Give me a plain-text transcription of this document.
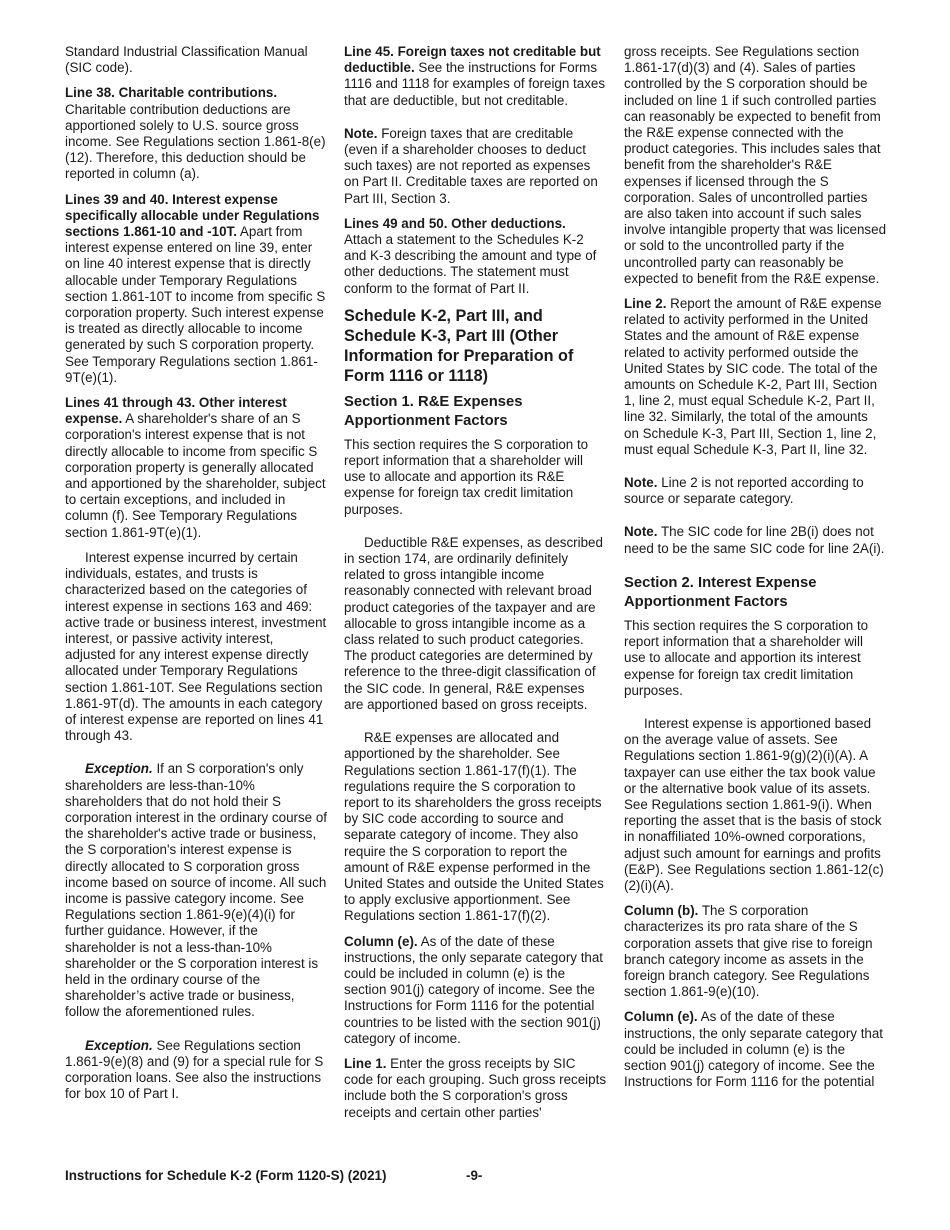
Standard Industrial Classification Manual (SIC code).

Line 38. Charitable contributions. Charitable contribution deductions are apportioned solely to U.S. source gross income. See Regulations section 1.861-8(e)(12). Therefore, this deduction should be reported in column (a).

Lines 39 and 40. Interest expense specifically allocable under Regulations sections 1.861-10 and -10T. Apart from interest expense entered on line 39, enter on line 40 interest expense that is directly allocable under Temporary Regulations section 1.861-10T to income from specific S corporation property. Such interest expense is treated as directly allocable to income generated by such S corporation property. See Temporary Regulations section 1.861-9T(e)(1).

Lines 41 through 43. Other interest expense. A shareholder's share of an S corporation's interest expense that is not directly allocable to income from specific S corporation property is generally allocated and apportioned by the shareholder, subject to certain exceptions, and included in column (f). See Temporary Regulations section 1.861-9T(e)(1).

Interest expense incurred by certain individuals, estates, and trusts is characterized based on the categories of interest expense in sections 163 and 469: active trade or business interest, investment interest, or passive activity interest, adjusted for any interest expense directly allocated under Temporary Regulations section 1.861-10T. See Regulations section 1.861-9T(d). The amounts in each category of interest expense are reported on lines 41 through 43.

Exception. If an S corporation's only shareholders are less-than-10% shareholders that do not hold their S corporation interest in the ordinary course of the shareholder's active trade or business, the S corporation's interest expense is directly allocated to S corporation gross income based on source of income. All such income is passive category income. See Regulations section 1.861-9(e)(4)(i) for further guidance. However, if the shareholder is not a less-than-10% shareholder or the S corporation interest is held in the ordinary course of the shareholder’s active trade or business, follow the aforementioned rules.

Exception. See Regulations section 1.861-9(e)(8) and (9) for a special rule for S corporation loans. See also the instructions for box 10 of Part I.

Line 45. Foreign taxes not creditable but deductible. See the instructions for Forms 1116 and 1118 for examples of foreign taxes that are deductible, but not creditable.

Note. Foreign taxes that are creditable (even if a shareholder chooses to deduct such taxes) are not reported as expenses on Part II. Creditable taxes are reported on Part III, Section 3.

Lines 49 and 50. Other deductions. Attach a statement to the Schedules K-2 and K-3 describing the amount and type of other deductions. The statement must conform to the format of Part II.

Schedule K-2, Part III, and Schedule K-3, Part III (Other Information for Preparation of Form 1116 or 1118)
Section 1. R&E Expenses Apportionment Factors

This section requires the S corporation to report information that a shareholder will use to allocate and apportion its R&E expense for foreign tax credit limitation purposes.

Deductible R&E expenses, as described in section 174, are ordinarily definitely related to gross intangible income reasonably connected with relevant broad product categories of the taxpayer and are allocable to gross intangible income as a class related to such product categories. The product categories are determined by reference to the three-digit classification of the SIC code. In general, R&E expenses are apportioned based on gross receipts.

R&E expenses are allocated and apportioned by the shareholder. See Regulations section 1.861-17(f)(1). The regulations require the S corporation to report to its shareholders the gross receipts by SIC code according to source and separate category of income. They also require the S corporation to report the amount of R&E expense performed in the United States and outside the United States to apply exclusive apportionment. See Regulations section 1.861-17(f)(2).

Column (e). As of the date of these instructions, the only separate category that could be included in column (e) is the section 901(j) category of income. See the Instructions for Form 1116 for the potential countries to be listed with the section 901(j) category of income.

Line 1. Enter the gross receipts by SIC code for each grouping. Such gross receipts include both the S corporation's gross receipts and certain other parties'

gross receipts. See Regulations section 1.861-17(d)(3) and (4). Sales of parties controlled by the S corporation should be included on line 1 if such controlled parties can reasonably be expected to benefit from the R&E expense connected with the product categories. This includes sales that benefit from the shareholder's R&E expenses if licensed through the S corporation. Sales of uncontrolled parties are also taken into account if such sales involve intangible property that was licensed or sold to the uncontrolled party if the uncontrolled party can reasonably be expected to benefit from the R&E expense.

Line 2. Report the amount of R&E expense related to activity performed in the United States and the amount of R&E expense related to activity performed outside the United States by SIC code. The total of the amounts on Schedule K-2, Part III, Section 1, line 2, must equal Schedule K-2, Part II, line 32. Similarly, the total of the amounts on Schedule K-3, Part III, Section 1, line 2, must equal Schedule K-3, Part II, line 32.

Note. Line 2 is not reported according to source or separate category.

Note. The SIC code for line 2B(i) does not need to be the same SIC code for line 2A(i).

Section 2. Interest Expense Apportionment Factors

This section requires the S corporation to report information that a shareholder will use to allocate and apportion its interest expense for foreign tax credit limitation purposes.

Interest expense is apportioned based on the average value of assets. See Regulations section 1.861-9(g)(2)(i)(A). A taxpayer can use either the tax book value or the alternative book value of its assets. See Regulations section 1.861-9(i). When reporting the asset that is the basis of stock in nonaffiliated 10%-owned corporations, adjust such amount for earnings and profits (E&P). See Regulations section 1.861-12(c)(2)(i)(A).

Column (b). The S corporation characterizes its pro rata share of the S corporation assets that give rise to foreign branch category income as assets in the foreign branch category. See Regulations section 1.861-9(e)(10).

Column (e). As of the date of these instructions, the only separate category that could be included in column (e) is the section 901(j) category of income. See the Instructions for Form 1116 for the potential

Instructions for Schedule K-2 (Form 1120-S) (2021)	-9-
